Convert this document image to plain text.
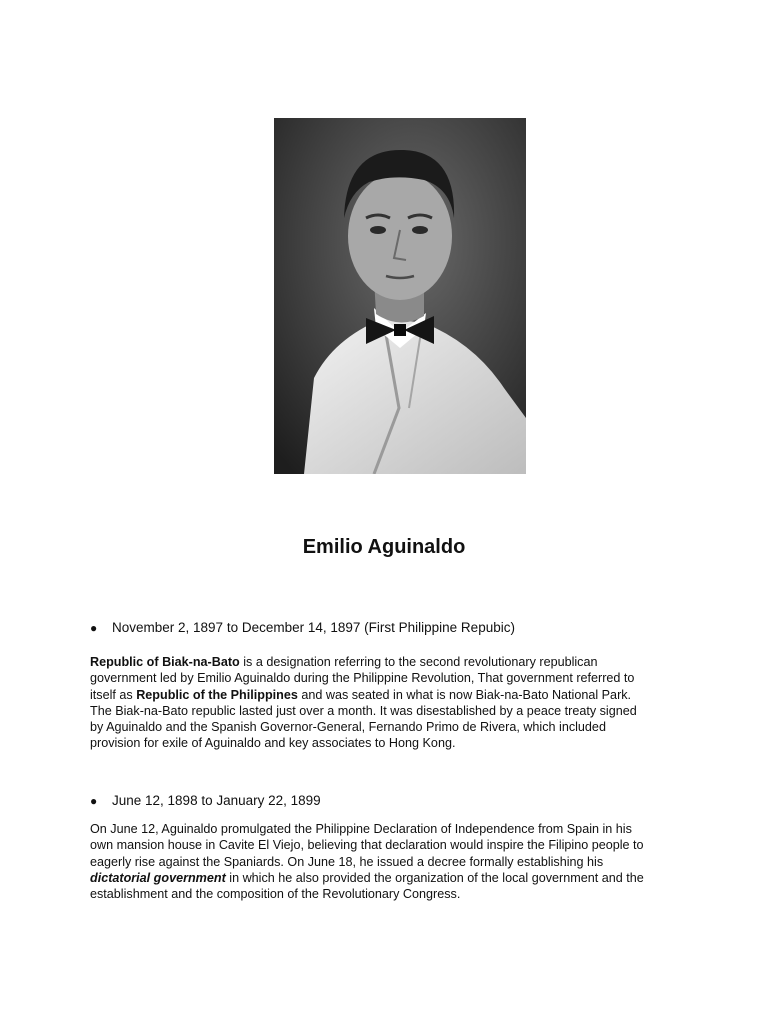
Emilio Aguinaldo
● November 2, 1897 to December 14, 1897 (First Philippine Repubic)

Republic of Biak-na-Bato is a designation referring to the second revolutionary republican
government led by Emilio Aguinaldo during the Philippine Revolution, That government referred to
itself as Republic of the Philippines and was seated in what is now Biak-na-Bato National Park.
The Biak-na-Bato republic lasted just over a month. It was disestablished by a peace treaty signed
by Aguinaldo and the Spanish Governor-General, Fernando Primo de Rivera, which included
provision for exile of Aguinaldo and key associates to Hong Kong.

● June 12, 1898 to January 22, 1899

On June 12, Aguinaldo promulgated the Philippine Declaration of Independence from Spain in his
own mansion house in Cavite El Viejo, believing that declaration would inspire the Filipino people to
eagerly rise against the Spaniards. On June 18, he issued a decree formally establishing his
dictatorial government in which he also provided the organization of the local government and the
establishment and the composition of the Revolutionary Congress.
